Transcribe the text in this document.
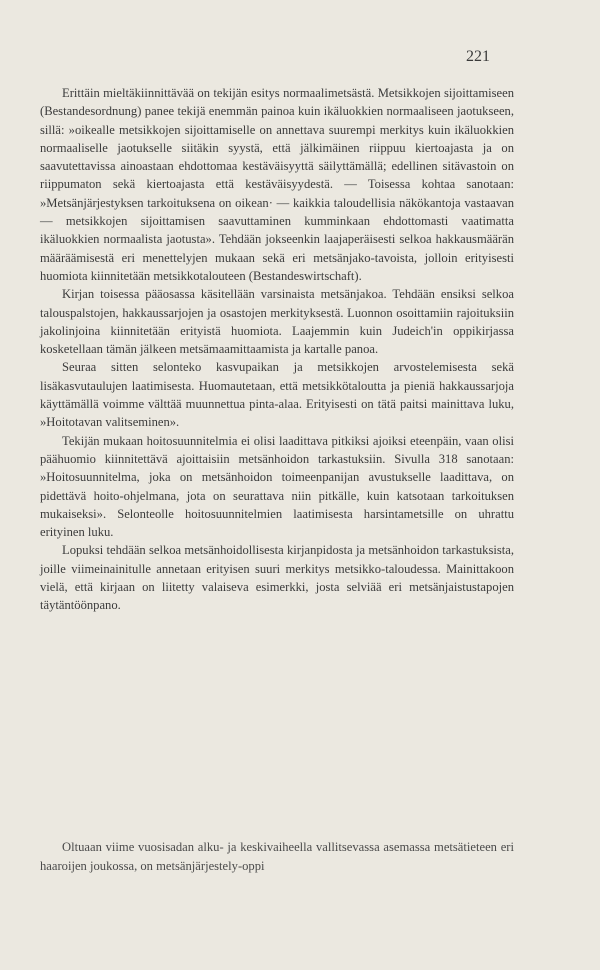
221

Erittäin mieltäkiinnittävää on tekijän esitys normaalimetsästä. Metsikkojen sijoittamiseen (Bestandesordnung) panee tekijä enemmän painoa kuin ikäluokkien normaaliseen jaotukseen, sillä: »oikealle metsikkojen sijoittamiselle on annettava suurempi merkitys kuin ikäluokkien normaaliselle jaotukselle siitäkin syystä, että jälkimäinen riippuu kiertoajasta ja on saavutettavissa ainoastaan ehdottomaa kestäväisyyttä säilyttämällä; edellinen sitävastoin on riippumaton sekä kiertoajasta että kestäväisyydestä. — Toisessa kohtaa sanotaan: »Metsänjärjestyksen tarkoituksena on oikean· — kaikkia taloudellisia näkökantoja vastaavan — metsikkojen sijoittamisen saavuttaminen kumminkaan ehdottomasti vaatimatta ikäluokkien normaalista jaotusta». Tehdään jokseenkin laajaperäisesti selkoa hakkausmäärän määräämisestä eri menettelyjen mukaan sekä eri metsänjako-tavoista, jolloin erityisesti huomiota kiinnitetään metsikkotalouteen (Bestandeswirtschaft).

Kirjan toisessa pääosassa käsitellään varsinaista metsänjakoa. Tehdään ensiksi selkoa talouspalstojen, hakkaussarjojen ja osastojen merkityksestä. Luonnon osoittamiin rajoituksiin jakolinjoina kiinnitetään erityistä huomiota. Laajemmin kuin Judeich'in oppikirjassa kosketellaan tämän jälkeen metsämaamittaamista ja kartalle panoa.

Seuraa sitten selonteko kasvupaikan ja metsikkojen arvostelemisesta sekä lisäkasvutaulujen laatimisesta. Huomautetaan, että metsikkötaloutta ja pieniä hakkaussarjoja käyttämällä voimme välttää muunnettua pinta-alaa. Erityisesti on tätä paitsi mainittava luku, »Hoitotavan valitseminen».

Tekijän mukaan hoitosuunnitelmia ei olisi laadittava pitkiksi ajoiksi eteenpäin, vaan olisi päähuomio kiinnitettävä ajoittaisiin metsänhoidon tarkastuksiin. Sivulla 318 sanotaan: »Hoitosuunnitelma, joka on metsänhoidon toimeenpanijan avustukselle laadittava, on pidettävä hoito-ohjelmana, jota on seurattava niin pitkälle, kuin katsotaan tarkoituksen mukaiseksi». Selonteolle hoitosuunnitelmien laatimisesta harsintametsille on uhrattu erityinen luku.

Lopuksi tehdään selkoa metsänhoidollisesta kirjanpidosta ja metsänhoidon tarkastuksista, joille viimeinainitulle annetaan erityisen suuri merkitys metsikko-taloudessa. Mainittakoon vielä, että kirjaan on liitetty valaiseva esimerkki, josta selviää eri metsänjaistustapojen täytäntöönpano.

Oltuaan viime vuosisadan alku- ja keskivaiheella vallitsevassa asemassa metsätieteen eri haaroijen joukossa, on metsänjärjestely-oppi
